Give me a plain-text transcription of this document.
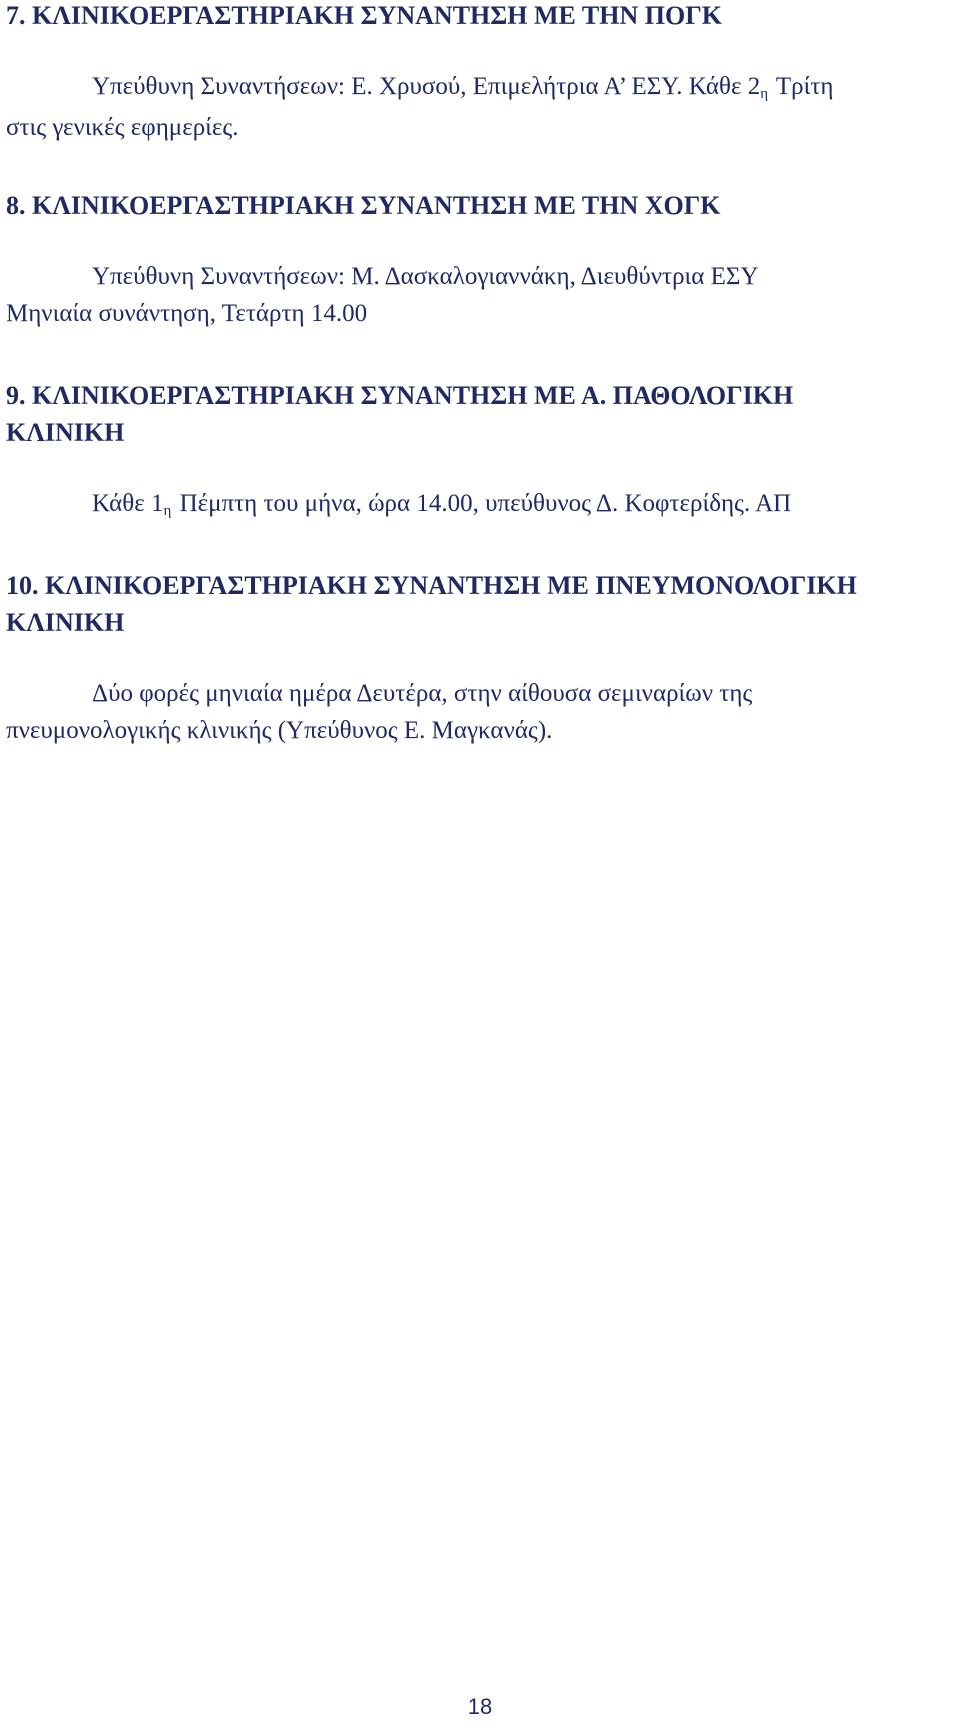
7. ΚΛΙΝΙΚΟΕΡΓΑΣΤΗΡΙΑΚΗ ΣΥΝΑΝΤΗΣΗ ΜΕ ΤΗΝ ΠΟΓΚ

Υπεύθυνη Συναντήσεων: Ε. Χρυσού, Επιμελήτρια Α’ ΕΣΥ. Κάθε 2η Τρίτη

στις γενικές εφημερίες.

8. ΚΛΙΝΙΚΟΕΡΓΑΣΤΗΡΙΑΚΗ ΣΥΝΑΝΤΗΣΗ ΜΕ ΤΗΝ ΧΟΓΚ

Υπεύθυνη Συναντήσεων: Μ. Δασκαλογιαννάκη, Διευθύντρια ΕΣΥ

Μηνιαία συνάντηση, Τετάρτη 14.00

9. ΚΛΙΝΙΚΟΕΡΓΑΣΤΗΡΙΑΚΗ ΣΥΝΑΝΤΗΣΗ ΜΕ Α. ΠΑΘΟΛΟΓΙΚΗ

ΚΛΙΝΙΚΗ

Κάθε 1η Πέμπτη του μήνα, ώρα 14.00, υπεύθυνος Δ. Κοφτερίδης. ΑΠ

10. ΚΛΙΝΙΚΟΕΡΓΑΣΤΗΡΙΑΚΗ ΣΥΝΑΝΤΗΣΗ ΜΕ ΠΝΕΥΜΟΝΟΛΟΓΙΚΗ

ΚΛΙΝΙΚΗ

Δύο φορές μηνιαία ημέρα Δευτέρα, στην αίθουσα σεμιναρίων της

πνευμονολογικής κλινικής (Υπεύθυνος Ε. Μαγκανάς).

18
